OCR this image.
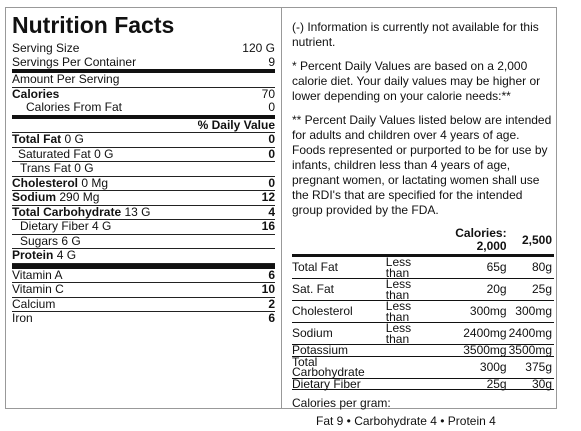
Nutrition Facts
Serving Size	120 G
Servings Per Container	9
Amount Per Serving
Calories	70
Calories From Fat	0
% Daily Value
Total Fat 0 G	0
Saturated Fat 0 G	0
Trans Fat 0 G
Cholesterol 0 Mg	0
Sodium 290 Mg	12
Total Carbohydrate 13 G	4
Dietary Fiber 4 G	16
Sugars 6 G
Protein 4 G
Vitamin A	6
Vitamin C	10
Calcium	2
Iron	6

(-) Information is currently not available for this nutrient.

* Percent Daily Values are based on a 2,000 calorie diet. Your daily values may be higher or lower depending on your calorie needs:**

** Percent Daily Values listed below are intended for adults and children over 4 years of age. Foods represented or purported to be for use by infants, children less than 4 years of age, pregnant women, or lactating women shall use the RDI's that are specified for the intended group provided by the FDA.

		Calories: 2,000	2,500
Total Fat	Less than	65g	80g
Sat. Fat	Less than	20g	25g
Cholesterol	Less than	300mg	300mg
Sodium	Less than	2400mg	2400mg
Potassium		3500mg	3500mg
Total Carbohydrate		300g	375g
Dietary Fiber		25g	30g
Calories per gram:
Fat 9 • Carbohydrate 4 • Protein 4
